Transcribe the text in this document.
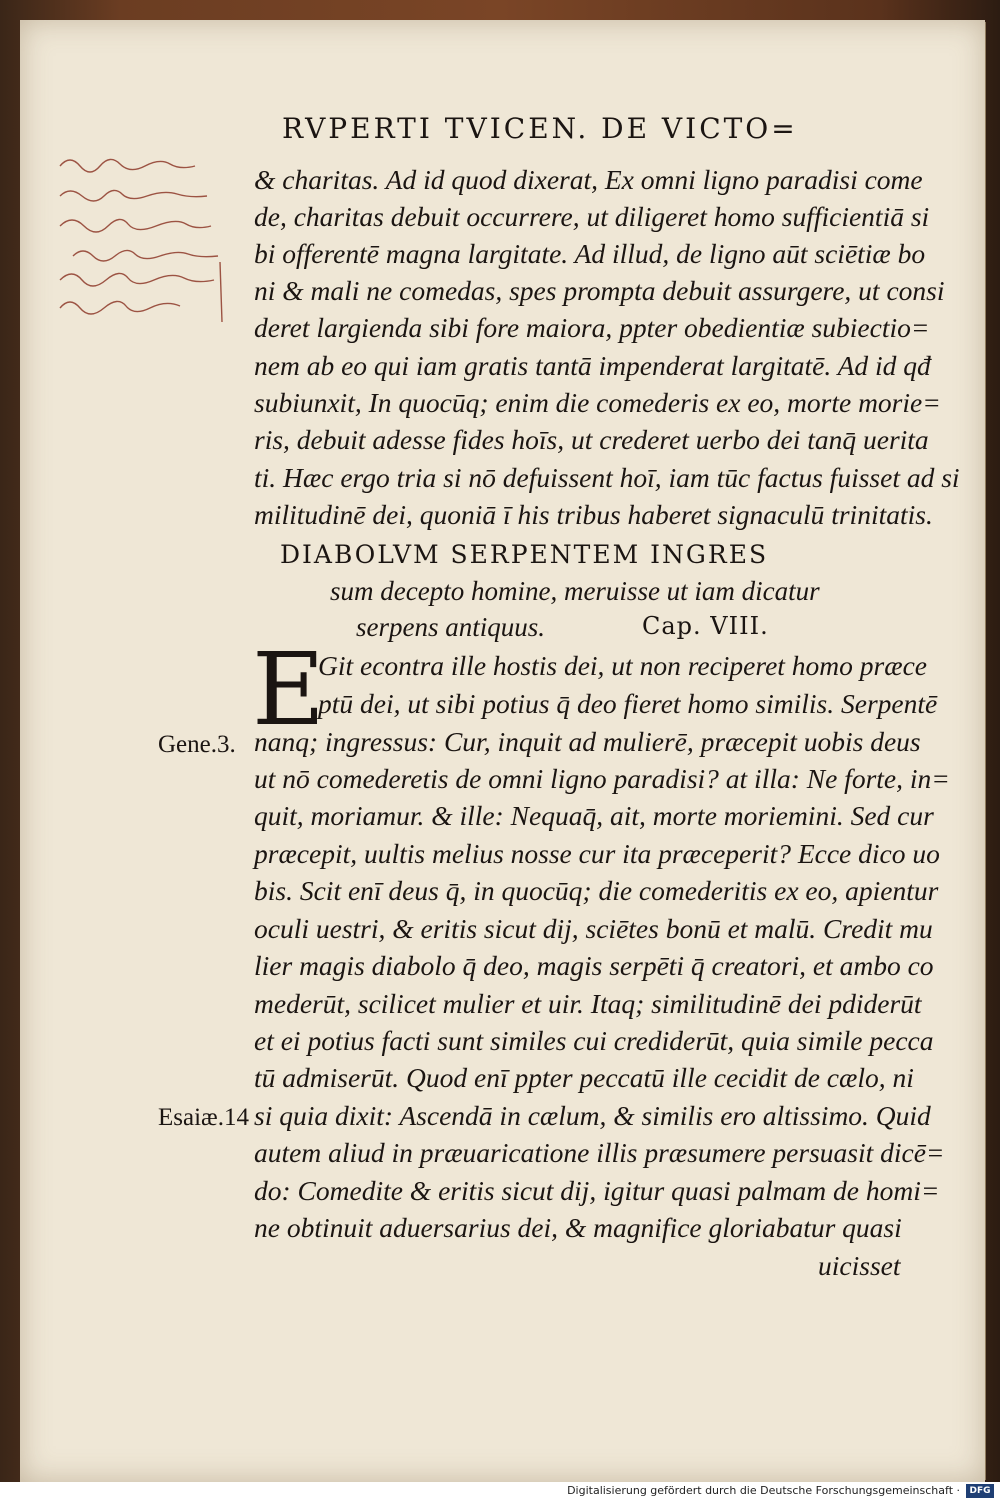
RVPERTI TVICEN. DE VICTO=
& charitas. Ad id quod dixerat, Ex omni ligno paradisi come
de, charitas debuit occurrere, ut diligeret homo sufficientiā si
bi offerentē magna largitate. Ad illud, de ligno aūt sciētiæ bo
ni & mali ne comedas, spes prompta debuit assurgere, ut consi
deret largienda sibi fore maiora, ppter obedientiæ subiectio=
nem ab eo qui iam gratis tantā impenderat largitatē. Ad id qđ
subiunxit, In quocūq; enim die comederis ex eo, morte morie=
ris, debuit adesse fides hoīs, ut crederet uerbo dei tanq̄ uerita
ti. Hæc ergo tria si nō defuissent hoī, iam tūc factus fuisset ad si
militudinē dei, quoniā ī his tribus haberet signaculū trinitatis.
DIABOLVM SERPENTEM INGRES
sum decepto homine, meruisse ut iam dicatur
serpens antiquus.	Cap. VIII.
E
Gene.3.
Esaiæ.14
Git econtra ille hostis dei, ut non reciperet homo præce
ptū dei, ut sibi potius q̄ deo fieret homo similis. Serpentē
nanq; ingressus: Cur, inquit ad mulierē, præcepit uobis deus
ut nō comederetis de omni ligno paradisi? at illa: Ne forte, in=
quit, moriamur. & ille: Nequaq̄, ait, morte moriemini. Sed cur
præcepit, uultis melius nosse cur ita præceperit? Ecce dico uo
bis. Scit enī deus q̄, in quocūq; die comederitis ex eo, apientur
oculi uestri, & eritis sicut dij, sciētes bonū et malū. Credit mu
lier magis diabolo q̄ deo, magis serpēti q̄ creatori, et ambo co
mederūt, scilicet mulier et uir. Itaq; similitudinē dei pdiderūt
et ei potius facti sunt similes cui crediderūt, quia simile pecca
tū admiserūt. Quod enī ppter peccatū ille cecidit de cælo, ni
si quia dixit: Ascendā in cælum, & similis ero altissimo. Quid
autem aliud in præuaricatione illis præsumere persuasit dicē=
do: Comedite & eritis sicut dij, igitur quasi palmam de homi=
ne obtinuit aduersarius dei, & magnifice gloriabatur quasi
uicisset
Digitalisierung gefördert durch die Deutsche Forschungsgemeinschaft ·	DFG
